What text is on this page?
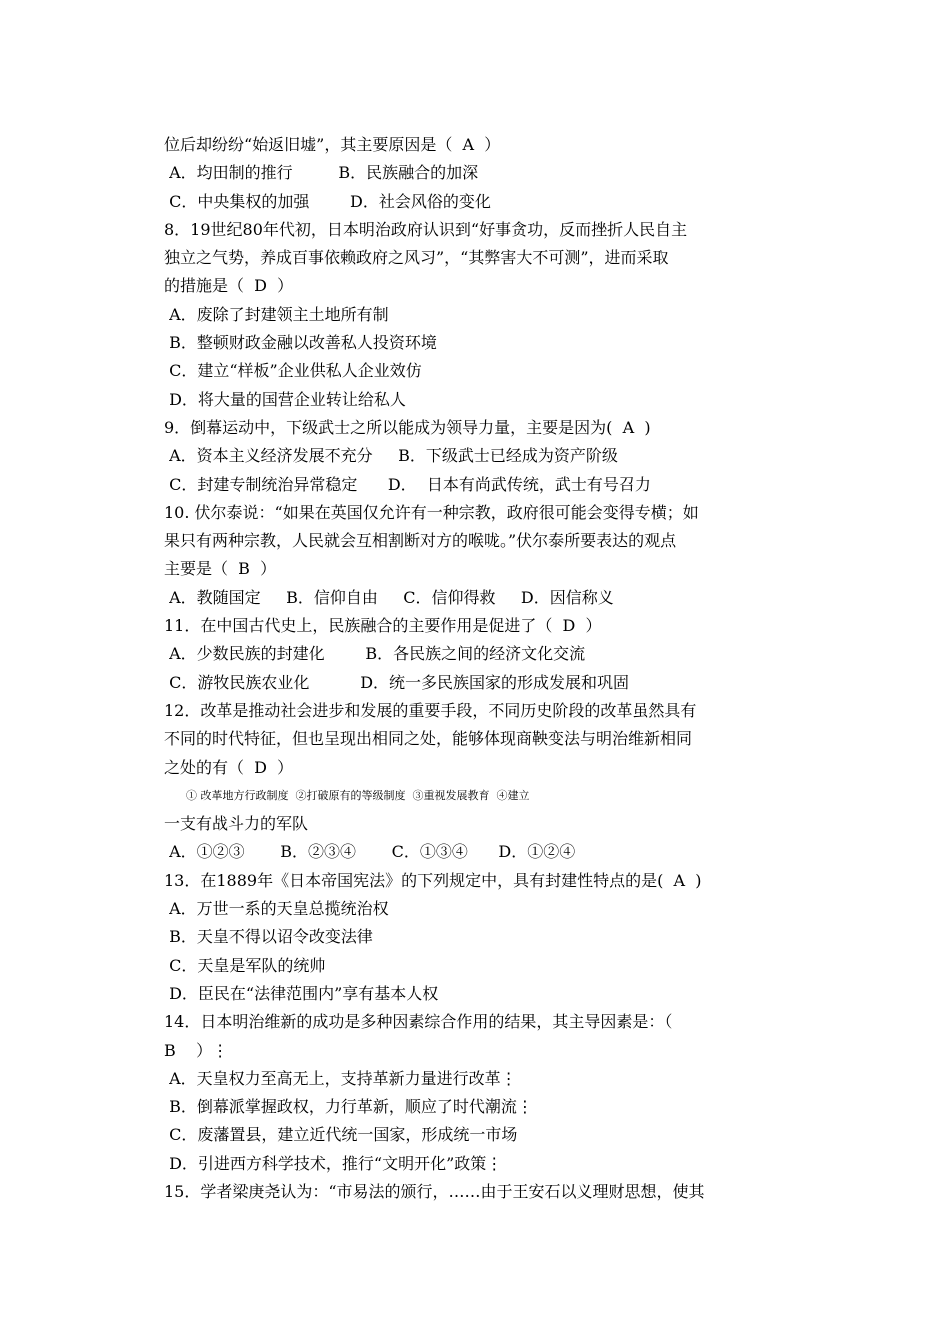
位后却纷纷“始返旧墟”，其主要原因是（  A  ）
A．均田制的推行         B．民族融合的加深
C．中央集权的加强        D．社会风俗的变化
8．19世纪80年代初，日本明治政府认识到“好事贪功，反而挫折人民自主
独立之气势，养成百事依赖政府之风习”，“其弊害大不可测”，进而采取
的措施是（  D  ）
A．废除了封建领主土地所有制
B．整顿财政金融以改善私人投资环境
C．建立“样板”企业供私人企业效仿
D．将大量的国营企业转让给私人
9．倒幕运动中，下级武士之所以能成为领导力量，主要是因为(  A  )
A．资本主义经济发展不充分     B．下级武士已经成为资产阶级
C．封建专制统治异常稳定      D．  日本有尚武传统，武士有号召力
10. 伏尔泰说：“如果在英国仅允许有一种宗教，政府很可能会变得专横；如
果只有两种宗教，人民就会互相割断对方的喉咙。”伏尔泰所要表达的观点
主要是（  B  ）
A．教随国定     B．信仰自由     C．信仰得救     D．因信称义
11．在中国古代史上，民族融合的主要作用是促进了（  D  ）
A．少数民族的封建化        B．各民族之间的经济文化交流
C．游牧民族农业化          D．统一多民族国家的形成发展和巩固
12．改革是推动社会进步和发展的重要手段，不同历史阶段的改革虽然具有
不同的时代特征，但也呈现出相同之处，能够体现商鞅变法与明治维新相同
之处的有（  D  ）
① 改革地方行政制度  ②打破原有的等级制度  ③重视发展教育  ④建立
一支有战斗力的军队
A．①②③       B．②③④       C．①③④      D．①②④
13．在1889年《日本帝国宪法》的下列规定中，具有封建性特点的是(  A  )
A．万世一系的天皇总揽统治权
B．天皇不得以诏令改变法律
C．天皇是军队的统帅
D．臣民在“法律范围内”享有基本人权
14．日本明治维新的成功是多种因素综合作用的结果，其主导因素是：（
B    ）⋮
A．天皇权力至高无上，支持革新力量进行改革⋮
B．倒幕派掌握政权，力行革新，顺应了时代潮流⋮
C．废藩置县，建立近代统一国家，形成统一市场
D．引进西方科学技术，推行“文明开化”政策⋮
15．学者梁庚尧认为：“市易法的颁行，……由于王安石以义理财思想，使其
